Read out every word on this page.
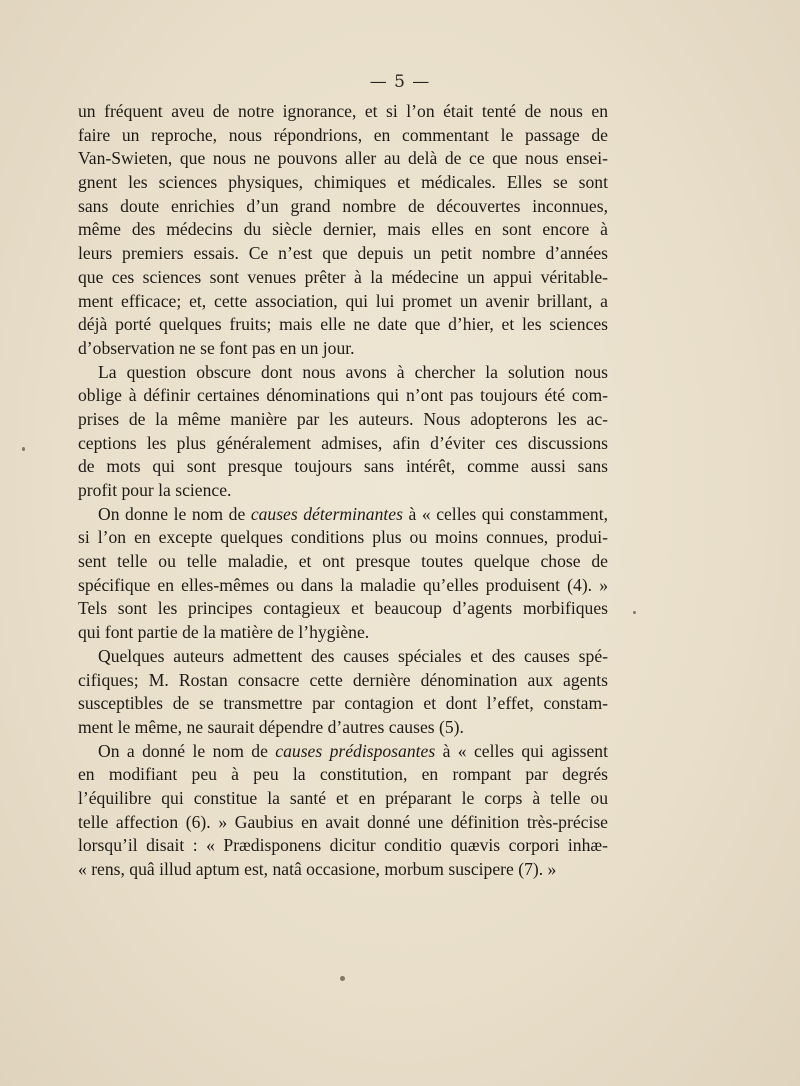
— 5 —
un fréquent aveu de notre ignorance, et si l’on était tenté de nous en
faire un reproche, nous répondrions, en commentant le passage de
Van-Swieten, que nous ne pouvons aller au delà de ce que nous ensei-
gnent les sciences physiques, chimiques et médicales. Elles se sont
sans doute enrichies d’un grand nombre de découvertes inconnues,
même des médecins du siècle dernier, mais elles en sont encore à
leurs premiers essais. Ce n’est que depuis un petit nombre d’années
que ces sciences sont venues prêter à la médecine un appui véritable-
ment efficace; et, cette association, qui lui promet un avenir brillant, a
déjà porté quelques fruits; mais elle ne date que d’hier, et les sciences
d’observation ne se font pas en un jour.
La question obscure dont nous avons à chercher la solution nous
oblige à définir certaines dénominations qui n’ont pas toujours été com-
prises de la même manière par les auteurs. Nous adopterons les ac-
ceptions les plus généralement admises, afin d’éviter ces discussions
de mots qui sont presque toujours sans intérêt, comme aussi sans
profit pour la science.
On donne le nom de causes déterminantes à « celles qui constamment,
si l’on en excepte quelques conditions plus ou moins connues, produi-
sent telle ou telle maladie, et ont presque toutes quelque chose de
spécifique en elles-mêmes ou dans la maladie qu’elles produisent (4). »
Tels sont les principes contagieux et beaucoup d’agents morbifiques
qui font partie de la matière de l’hygiène.
Quelques auteurs admettent des causes spéciales et des causes spé-
cifiques; M. Rostan consacre cette dernière dénomination aux agents
susceptibles de se transmettre par contagion et dont l’effet, constam-
ment le même, ne saurait dépendre d’autres causes (5).
On a donné le nom de causes prédisposantes à « celles qui agissent
en modifiant peu à peu la constitution, en rompant par degrés
l’équilibre qui constitue la santé et en préparant le corps à telle ou
telle affection (6). » Gaubius en avait donné une définition très-précise
lorsqu’il disait : « Prædisponens dicitur conditio quævis corpori inhæ-
« rens, quâ illud aptum est, natâ occasione, morbum suscipere (7). »
